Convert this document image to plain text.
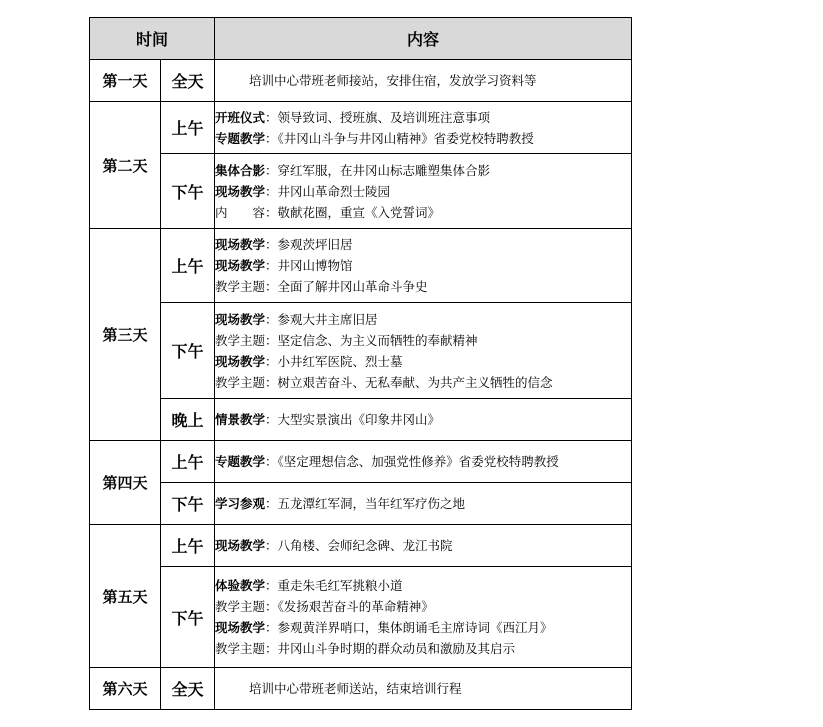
时间		内容
第一天	全天	培训中心带班老师接站，安排住宿，发放学习资料等
第二天	上午	开班仪式：领导致词、授班旗、及培训班注意事项
专题教学：《井冈山斗争与井冈山精神》省委党校特聘教授

	下午	集体合影：穿红军服，在井冈山标志雕塑集体合影
现场教学：井冈山革命烈士陵园
内　　容：敬献花圈，重宣《入党誓词》

第三天	上午	现场教学：参观茨坪旧居
现场教学：井冈山博物馆
教学主题：全面了解井冈山革命斗争史

	下午	现场教学：参观大井主席旧居
教学主题：坚定信念、为主义而牺牲的奉献精神
现场教学：小井红军医院、烈士墓
教学主题：树立艰苦奋斗、无私奉献、为共产主义牺牲的信念

	晚上	情景教学：大型实景演出《印象井冈山》

第四天	上午	专题教学：《坚定理想信念、加强党性修养》省委党校特聘教授

	下午	学习参观：五龙潭红军洞，当年红军疗伤之地

第五天	上午	现场教学：八角楼、会师纪念碑、龙江书院

	下午	体验教学：重走朱毛红军挑粮小道
教学主题：《发扬艰苦奋斗的革命精神》
现场教学：参观黄洋界哨口，集体朗诵毛主席诗词《西江月》
教学主题：井冈山斗争时期的群众动员和激励及其启示

第六天	全天	培训中心带班老师送站，结束培训行程
